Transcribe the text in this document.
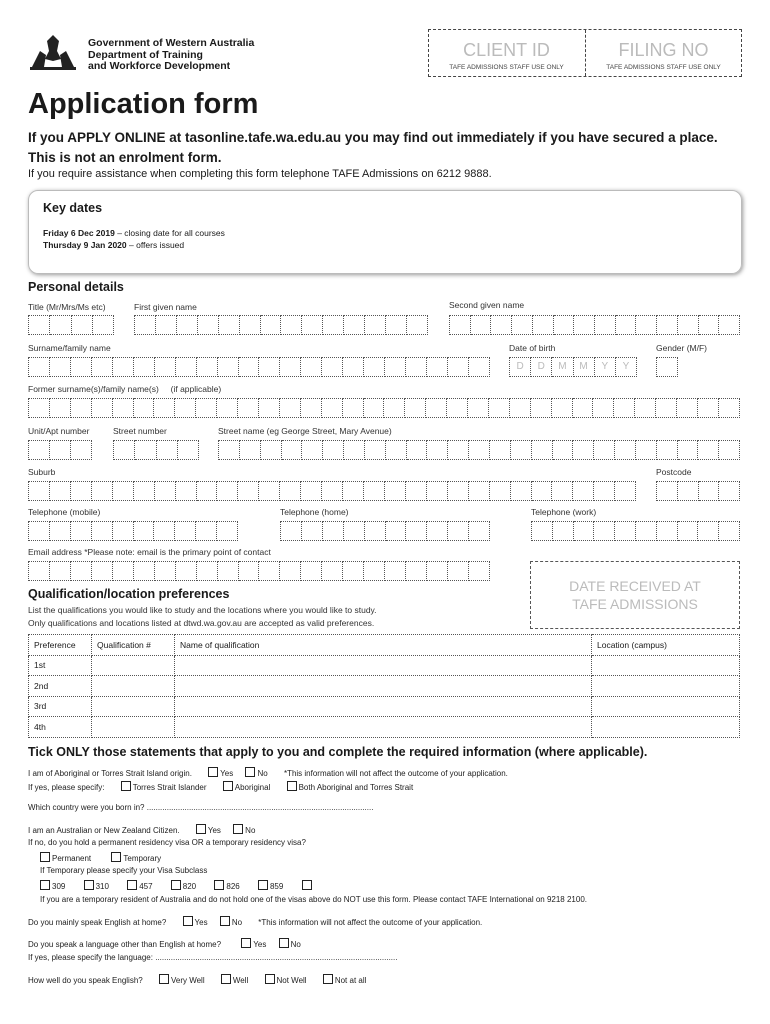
Government of Western Australia
Department of Training
and Workforce Development
CLIENT ID
TAFE ADMISSIONS STAFF USE ONLY
FILING NO
TAFE ADMISSIONS STAFF USE ONLY
Application form
If you APPLY ONLINE at tasonline.tafe.wa.edu.au you may find out immediately if you have secured a place.
This is not an enrolment form.
If you require assistance when completing this form telephone TAFE Admissions on 6212 9888.
Key dates
Friday 6 Dec 2019 – closing date for all courses
Thursday 9 Jan 2020 – offers issued
Personal details
Title (Mr/Mrs/Ms etc)	First given name	Second given name
Surname/family name	Date of birth	Gender (M/F)
D	D	M	M	Y	Y
Former surname(s)/family name(s) (if applicable)
Unit/Apt number	Street number	Street name (eg George Street, Mary Avenue)
Suburb	Postcode
Telephone (mobile)	Telephone (home)	Telephone (work)
Email address *Please note: email is the primary point of contact
DATE RECEIVED AT
TAFE ADMISSIONS
Qualification/location preferences
List the qualifications you would like to study and the locations where you would like to study.
Only qualifications and locations listed at dtwd.wa.gov.au are accepted as valid preferences.
Preference	Qualification #	Name of qualification	Location (campus)
1st			
2nd			
3rd			
4th			
Tick ONLY those statements that apply to you and complete the required information (where applicable).
I am of Aboriginal or Torres Strait Island origin.	Yes	No *This information will not affect the outcome of your application.
If yes, please specify:	Torres Strait Islander	Aboriginal	Both Aboriginal and Torres Strait
Which country were you born in? ......................................................................................................
I am an Australian or New Zealand Citizen.	Yes	No
If no, do you hold a permanent residency visa OR a temporary residency visa?
Permanent	Temporary
If Temporary please specify your Visa Subclass
309	310	457	820	826	859
If you are a temporary resident of Australia and do not hold one of the visas above do NOT use this form. Please contact TAFE International on 9218 2100.
Do you mainly speak English at home?	Yes	No *This information will not affect the outcome of your application.
Do you speak a language other than English at home?	Yes	No
If yes, please specify the language: .............................................................................................................
How well do you speak English?	Very Well	Well	Not Well	Not at all
